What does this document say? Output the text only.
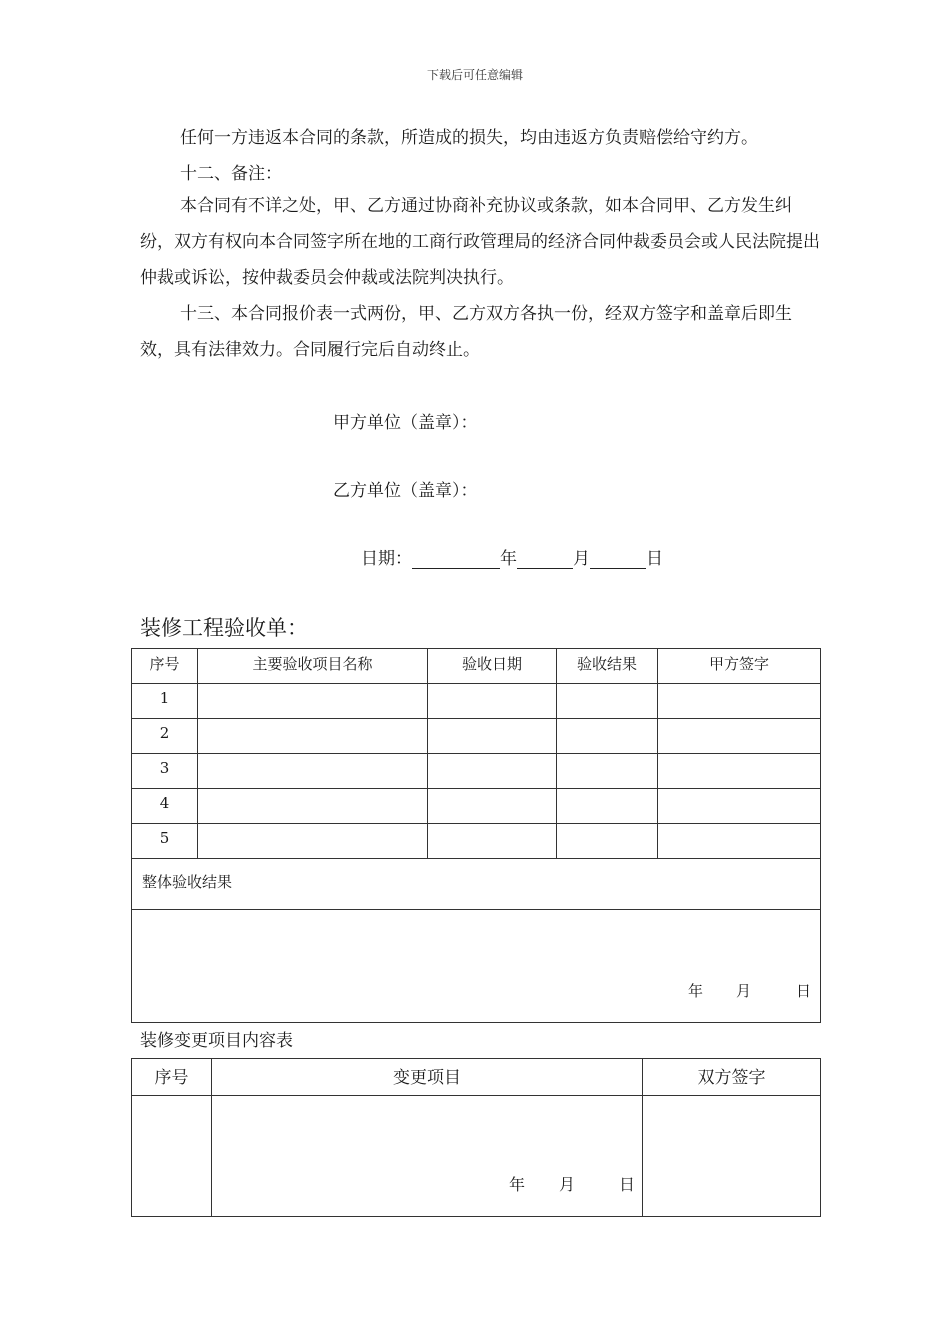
下载后可任意编辑
任何一方违返本合同的条款，所造成的损失，均由违返方负责赔偿给守约方。
十二、备注：
本合同有不详之处，甲、乙方通过协商补充协议或条款，如本合同甲、乙方发生纠纷，双方有权向本合同签字所在地的工商行政管理局的经济合同仲裁委员会或人民法院提出仲裁或诉讼，按仲裁委员会仲裁或法院判决执行。
十三、本合同报价表一式两份，甲、乙方双方各执一份，经双方签字和盖章后即生效，具有法律效力。合同履行完后自动终止。
甲方单位（盖章）：
乙方单位（盖章）：
日期：	年	月	日
装修工程验收单：
序号	主要验收项目名称	验收日期	验收结果	甲方签字
1				
2				
3				
4				
5				
整体验收结果				

年 月 日				
装修变更项目内容表
序号	变更项目	双方签字

	年 月 日	
